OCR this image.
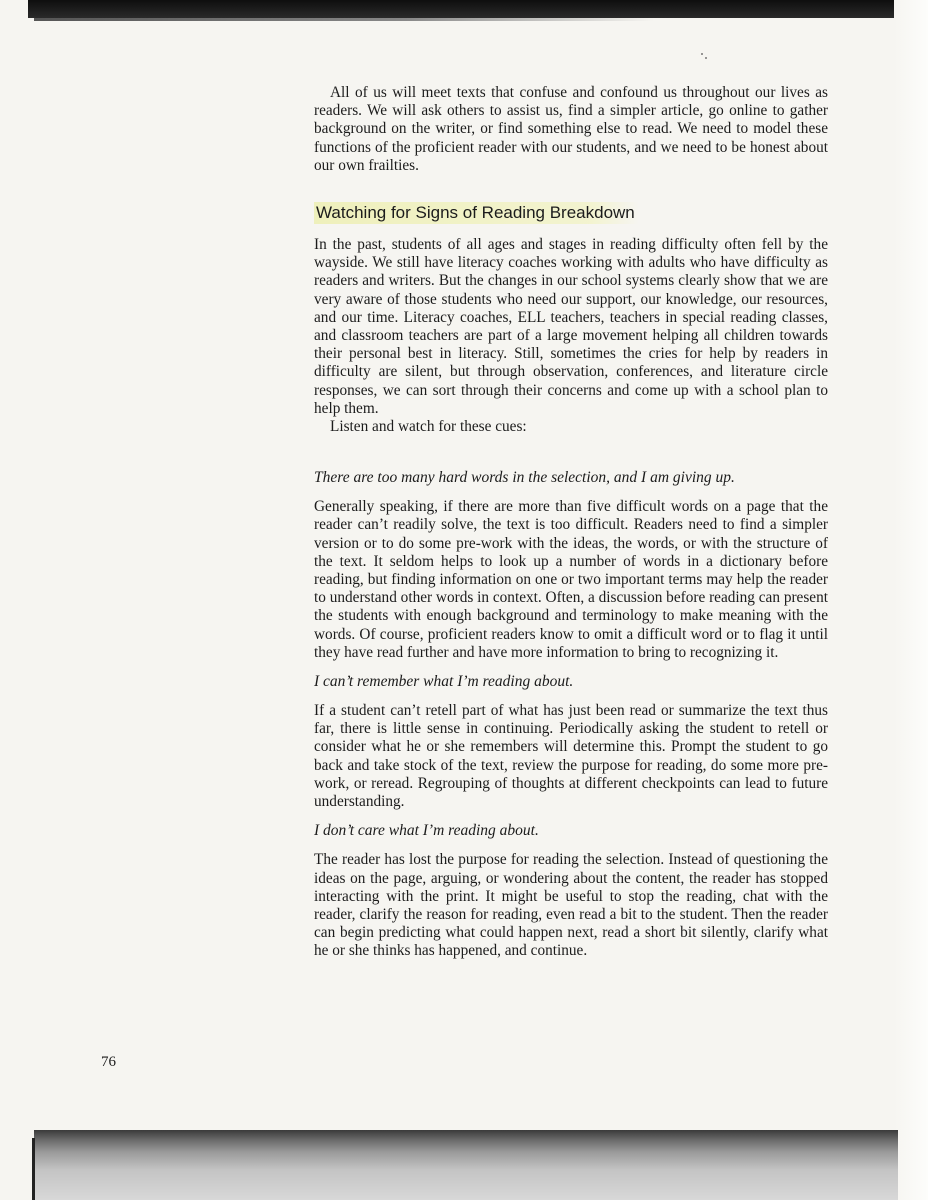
All of us will meet texts that confuse and confound us throughout our lives as readers. We will ask others to assist us, find a simpler article, go online to gather background on the writer, or find something else to read. We need to model these functions of the proficient reader with our students, and we need to be honest about our own frailties.

Watching for Signs of Reading Breakdown

In the past, students of all ages and stages in reading difficulty often fell by the wayside. We still have literacy coaches working with adults who have difficulty as readers and writers. But the changes in our school systems clearly show that we are very aware of those students who need our support, our knowledge, our resources, and our time. Literacy coaches, ELL teachers, teachers in special reading classes, and classroom teachers are part of a large movement helping all children towards their personal best in literacy. Still, sometimes the cries for help by readers in difficulty are silent, but through observation, conferences, and literature circle responses, we can sort through their concerns and come up with a school plan to help them.

Listen and watch for these cues:

There are too many hard words in the selection, and I am giving up.

Generally speaking, if there are more than five difficult words on a page that the reader can’t readily solve, the text is too difficult. Readers need to find a simpler version or to do some pre-work with the ideas, the words, or with the structure of the text. It seldom helps to look up a number of words in a dictionary before reading, but finding information on one or two important terms may help the reader to understand other words in context. Often, a discussion before reading can present the students with enough background and terminology to make meaning with the words. Of course, proficient readers know to omit a difficult word or to flag it until they have read further and have more information to bring to recognizing it.

I can’t remember what I’m reading about.

If a student can’t retell part of what has just been read or summarize the text thus far, there is little sense in continuing. Periodically asking the student to retell or consider what he or she remembers will determine this. Prompt the student to go back and take stock of the text, review the purpose for reading, do some more pre-work, or reread. Regrouping of thoughts at different checkpoints can lead to future understanding.

I don’t care what I’m reading about.

The reader has lost the purpose for reading the selection. Instead of questioning the ideas on the page, arguing, or wondering about the content, the reader has stopped interacting with the print. It might be useful to stop the reading, chat with the reader, clarify the reason for reading, even read a bit to the student. Then the reader can begin predicting what could happen next, read a short bit silently, clarify what he or she thinks has happened, and continue.

76
